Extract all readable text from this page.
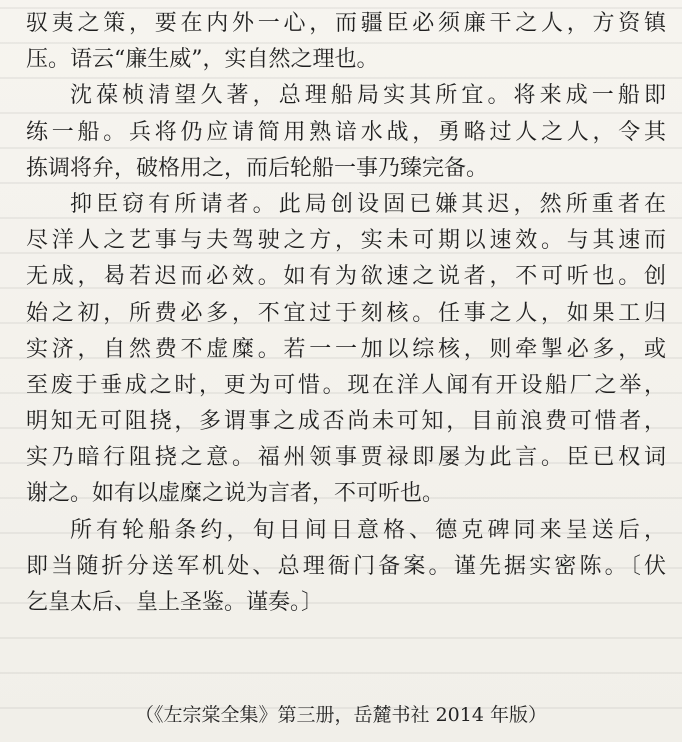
驭夷之策，要在内外一心，而疆臣必须廉干之人，方资镇
压。语云“廉生威”，实自然之理也。
沈葆桢清望久著，总理船局实其所宜。将来成一船即
练一船。兵将仍应请简用熟谙水战，勇略过人之人，令其
拣调将弁，破格用之，而后轮船一事乃臻完备。
抑臣窃有所请者。此局创设固已嫌其迟，然所重者在
尽洋人之艺事与夫驾驶之方，实未可期以速效。与其速而
无成，曷若迟而必效。如有为欲速之说者，不可听也。创
始之初，所费必多，不宜过于刻核。任事之人，如果工归
实济，自然费不虚糜。若一一加以综核，则牵掣必多，或
至废于垂成之时，更为可惜。现在洋人闻有开设船厂之举，
明知无可阻挠，多谓事之成否尚未可知，目前浪费可惜者，
实乃暗行阻挠之意。福州领事贾禄即屡为此言。臣已权词
谢之。如有以虚糜之说为言者，不可听也。
所有轮船条约，旬日间日意格、德克碑同来呈送后，
即当随折分送军机处、总理衙门备案。谨先据实密陈。〔伏
乞皇太后、皇上圣鉴。谨奏。〕
（《左宗棠全集》第三册，岳麓书社 2014 年版）
